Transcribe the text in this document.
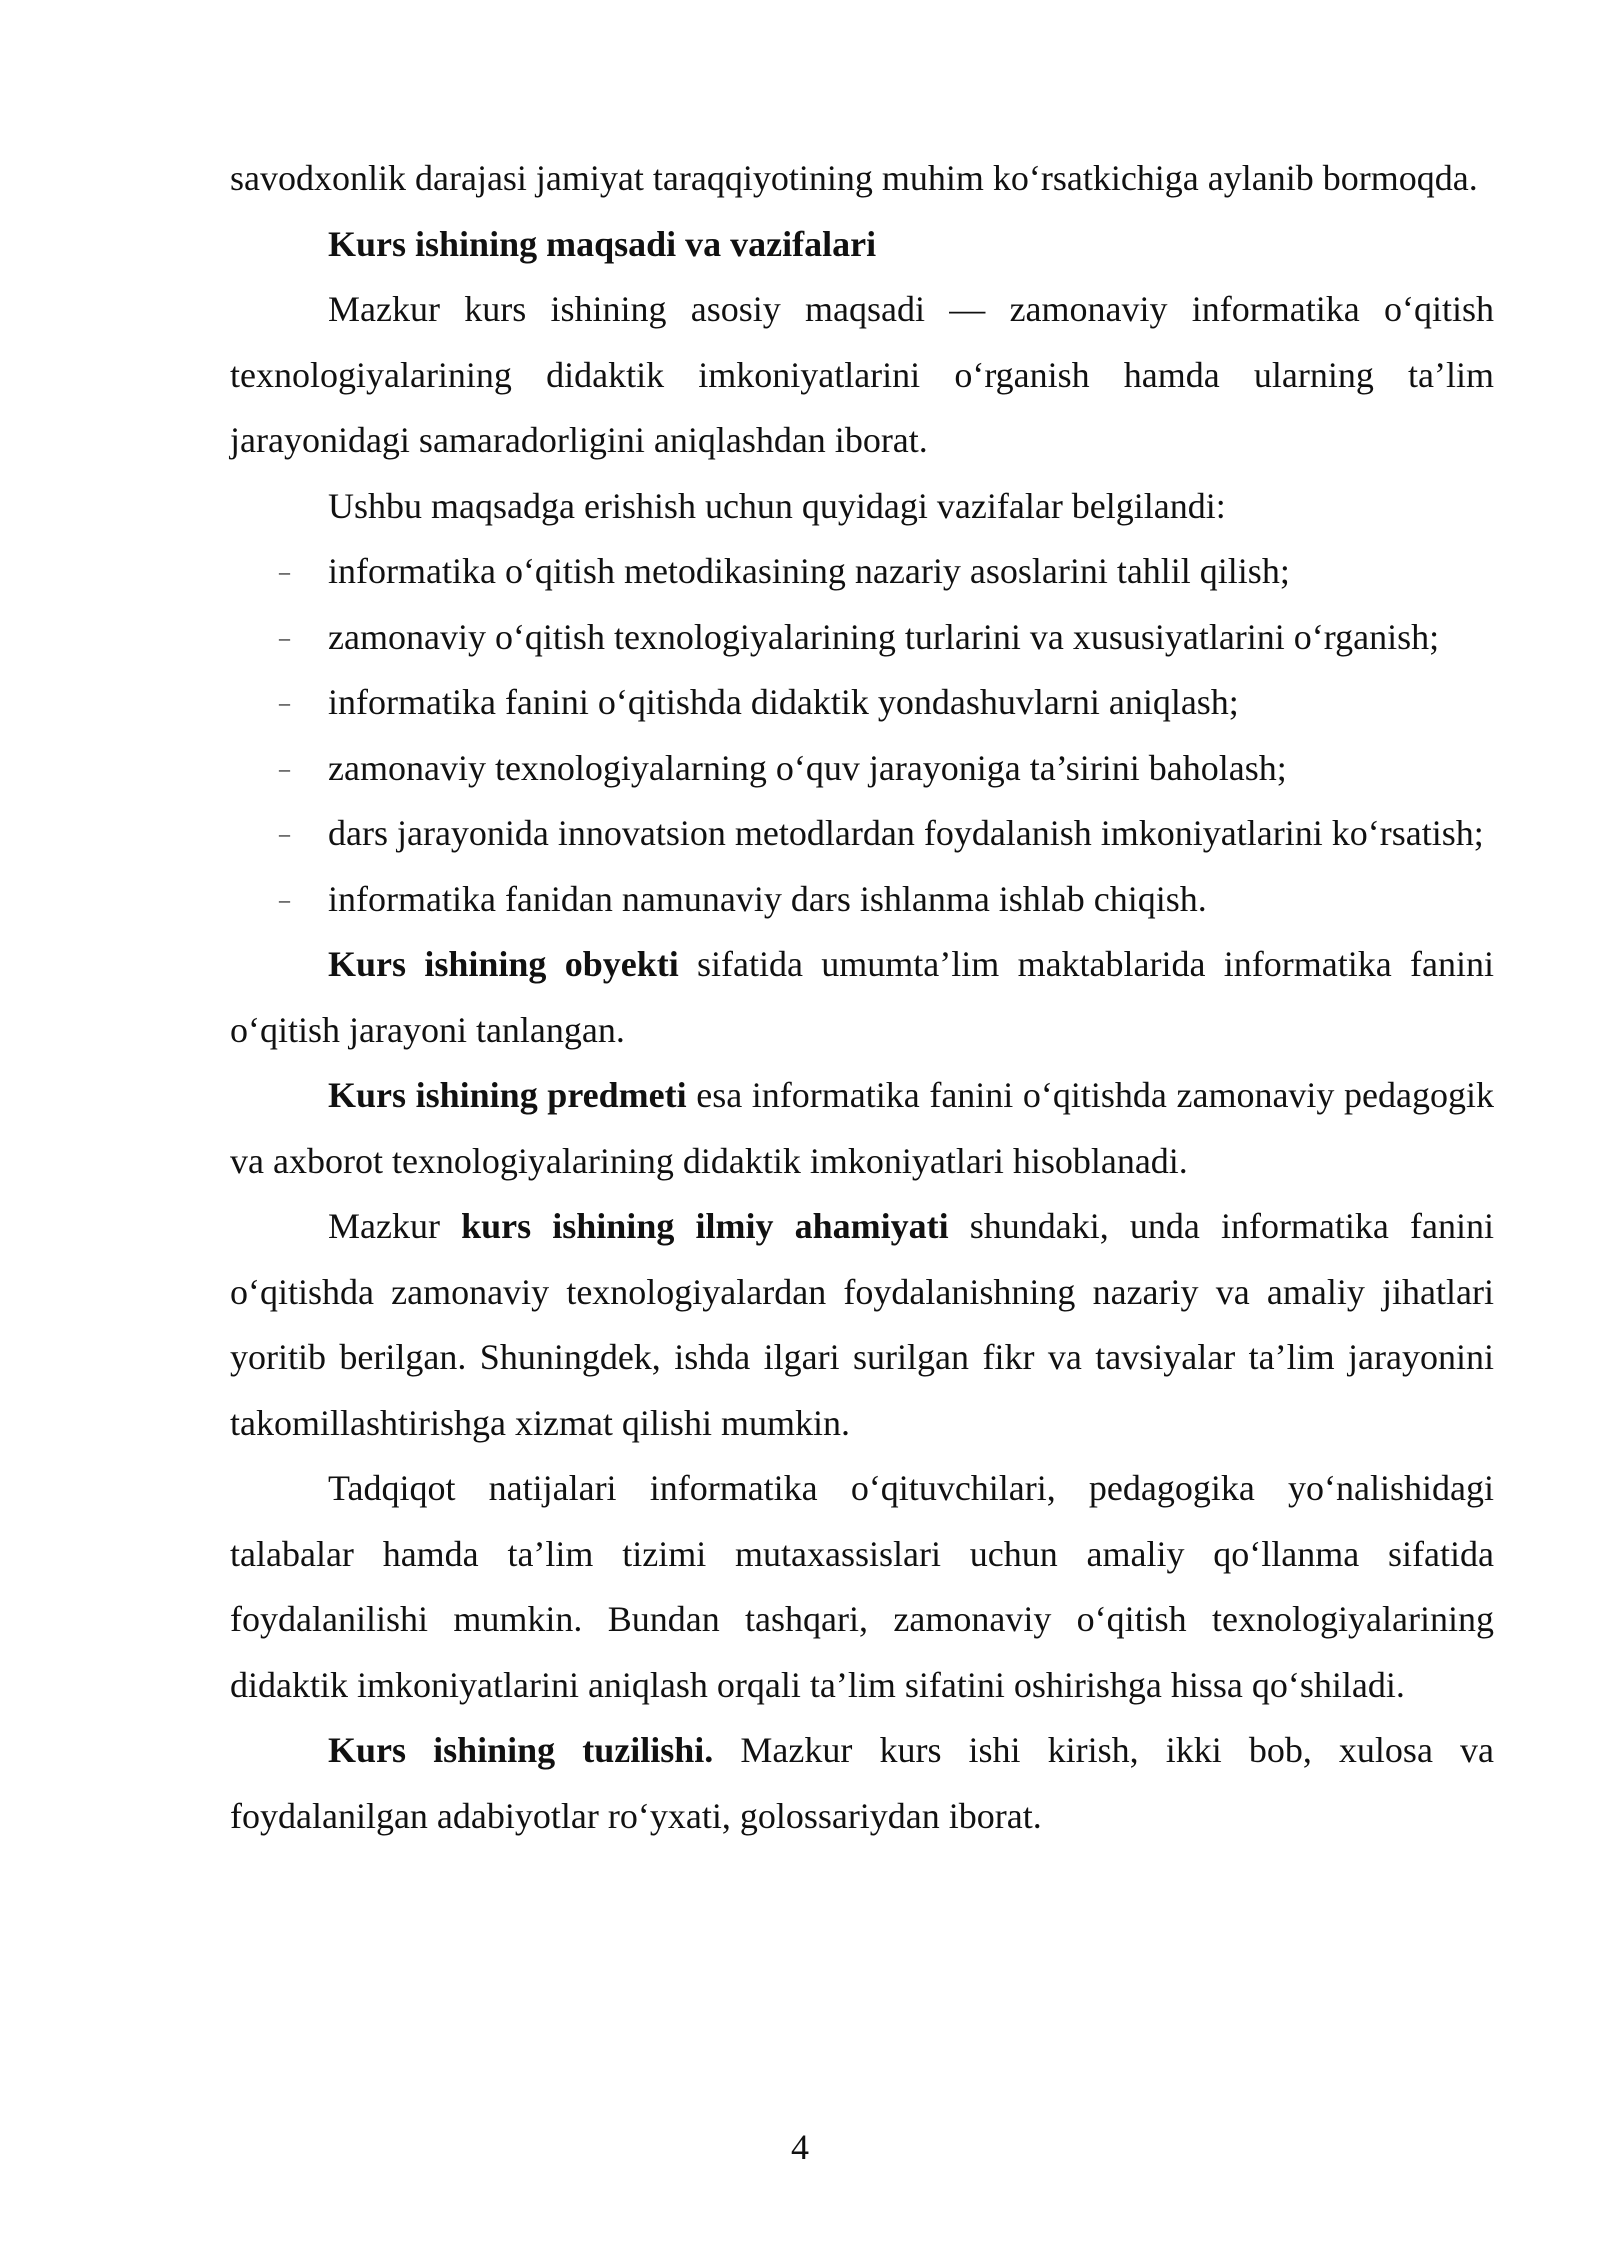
savodxonlik darajasi jamiyat taraqqiyotining muhim ko‘rsatkichiga aylanib bormoqda.

Kurs ishining maqsadi va vazifalari

Mazkur kurs ishining asosiy maqsadi — zamonaviy informatika o‘qitish texnologiyalarining didaktik imkoniyatlarini o‘rganish hamda ularning ta’lim jarayonidagi samaradorligini aniqlashdan iborat.

Ushbu maqsadga erishish uchun quyidagi vazifalar belgilandi:

– informatika o‘qitish metodikasining nazariy asoslarini tahlil qilish;
– zamonaviy o‘qitish texnologiyalarining turlarini va xususiyatlarini o‘rganish;
– informatika fanini o‘qitishda didaktik yondashuvlarni aniqlash;
– zamonaviy texnologiyalarning o‘quv jarayoniga ta’sirini baholash;
– dars jarayonida innovatsion metodlardan foydalanish imkoniyatlarini ko‘rsatish;
– informatika fanidan namunaviy dars ishlanma ishlab chiqish.

Kurs ishining obyekti sifatida umumta’lim maktablarida informatika fanini o‘qitish jarayoni tanlangan.

Kurs ishining predmeti esa informatika fanini o‘qitishda zamonaviy pedagogik va axborot texnologiyalarining didaktik imkoniyatlari hisoblanadi.

Mazkur kurs ishining ilmiy ahamiyati shundaki, unda informatika fanini o‘qitishda zamonaviy texnologiyalardan foydalanishning nazariy va amaliy jihatlari yoritib berilgan. Shuningdek, ishda ilgari surilgan fikr va tavsiyalar ta’lim jarayonini takomillashtirishga xizmat qilishi mumkin.

Tadqiqot natijalari informatika o‘qituvchilari, pedagogika yo‘nalishidagi talabalar hamda ta’lim tizimi mutaxassislari uchun amaliy qo‘llanma sifatida foydalanilishi mumkin. Bundan tashqari, zamonaviy o‘qitish texnologiyalarining didaktik imkoniyatlarini aniqlash orqali ta’lim sifatini oshirishga hissa qo‘shiladi.

Kurs ishining tuzilishi. Mazkur kurs ishi kirish, ikki bob, xulosa va foydalanilgan adabiyotlar ro‘yxati, golossariydan iborat.

4
